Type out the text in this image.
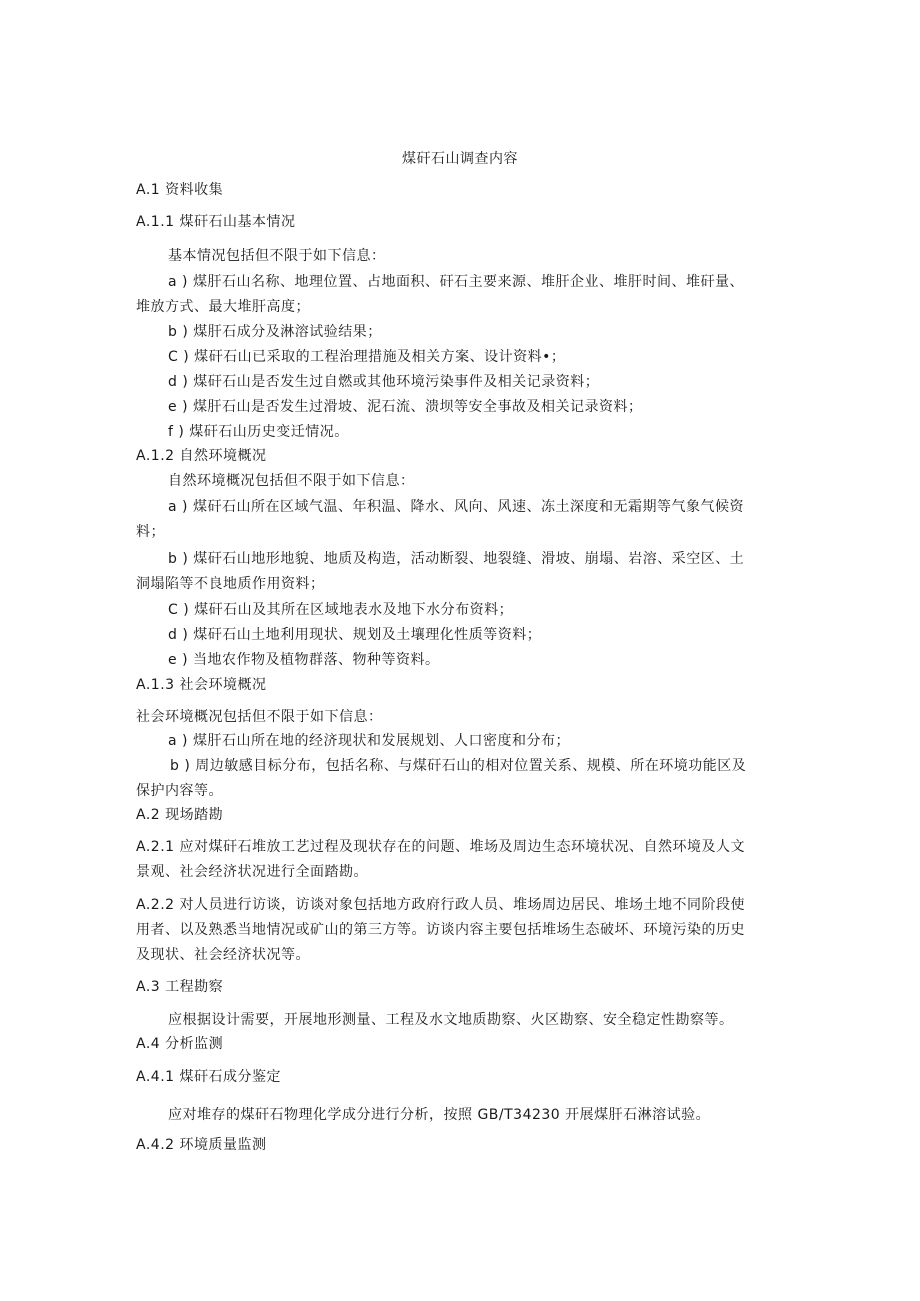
煤矸石山调查内容
A.1 资料收集
A.1.1 煤矸石山基本情况
基本情况包括但不限于如下信息：
a ) 煤肝石山名称、地理位置、占地面积、矸石主要来源、堆肝企业、堆肝时间、堆矸量、
堆放方式、最大堆肝高度；
b ) 煤肝石成分及淋溶试验结果；
C ) 煤矸石山已采取的工程治理措施及相关方案、设计资料•；
d ) 煤矸石山是否发生过自燃或其他环境污染事件及相关记录资料；
e ) 煤肝石山是否发生过滑坡、泥石流、溃坝等安全事故及相关记录资料；
f ) 煤矸石山历史变迁情况。
A.1.2 自然环境概况
自然环境概况包括但不限于如下信息：
a ) 煤矸石山所在区域气温、年积温、降水、风向、风速、冻土深度和无霜期等气象气候资
料；
b ) 煤矸石山地形地貌、地质及构造，活动断裂、地裂缝、滑坡、崩塌、岩溶、采空区、土
洞塌陷等不良地质作用资料；
C ) 煤矸石山及其所在区域地表水及地下水分布资料；
d ) 煤矸石山土地利用现状、规划及土壤理化性质等资料；
e ) 当地农作物及植物群落、物种等资料。
A.1.3 社会环境概况
社会环境概况包括但不限于如下信息：
a ) 煤肝石山所在地的经济现状和发展规划、人口密度和分布；
b ) 周边敏感目标分布，包括名称、与煤矸石山的相对位置关系、规模、所在环境功能区及
保护内容等。
A.2 现场踏勘
A.2.1 应对煤矸石堆放工艺过程及现状存在的问题、堆场及周边生态环境状况、自然环境及人文
景观、社会经济状况进行全面踏勘。
A.2.2 对人员进行访谈，访谈对象包括地方政府行政人员、堆场周边居民、堆场土地不同阶段使
用者、以及熟悉当地情况或矿山的第三方等。访谈内容主要包括堆场生态破坏、环境污染的历史
及现状、社会经济状况等。
A.3 工程勘察
应根据设计需要，开展地形测量、工程及水文地质勘察、火区勘察、安全稳定性勘察等。
A.4 分析监测
A.4.1 煤矸石成分鉴定
应对堆存的煤矸石物理化学成分进行分析，按照 GB/T34230 开展煤肝石淋溶试验。
A.4.2 环境质量监测
